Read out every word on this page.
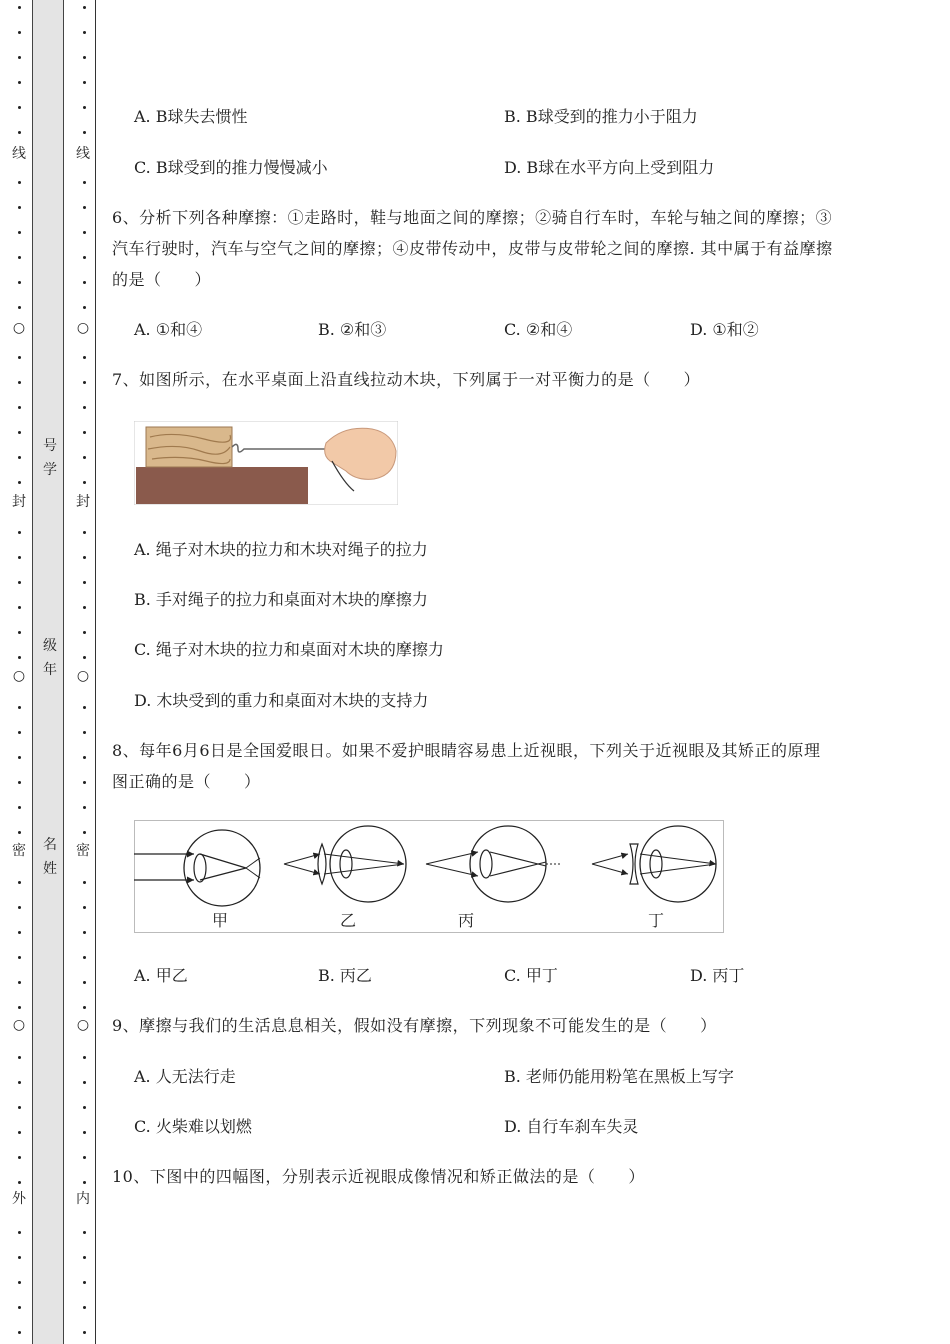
线
○
封
○
密
○
外
线
○
封
○
密
○
内
号
学
级
年
名
姓
A. B球失去惯性	B. B球受到的推力小于阻力
C. B球受到的推力慢慢减小	D. B球在水平方向上受到阻力
6、分析下列各种摩擦：①走路时，鞋与地面之间的摩擦；②骑自行车时，车轮与轴之间的摩擦；③
汽车行驶时，汽车与空气之间的摩擦；④皮带传动中，皮带与皮带轮之间的摩擦. 其中属于有益摩擦
的是（　　）
A. ①和④	B. ②和③	C. ②和④	D. ①和②
7、如图所示，在水平桌面上沿直线拉动木块，下列属于一对平衡力的是（　　）
A. 绳子对木块的拉力和木块对绳子的拉力
B. 手对绳子的拉力和桌面对木块的摩擦力
C. 绳子对木块的拉力和桌面对木块的摩擦力
D. 木块受到的重力和桌面对木块的支持力
8、每年6月6日是全国爱眼日。如果不爱护眼睛容易患上近视眼，下列关于近视眼及其矫正的原理
图正确的是（　　）
甲	乙	丙	丁
A. 甲乙	B. 丙乙	C. 甲丁	D. 丙丁
9、摩擦与我们的生活息息相关，假如没有摩擦，下列现象不可能发生的是（　　）
A. 人无法行走	B. 老师仍能用粉笔在黑板上写字
C. 火柴难以划燃	D. 自行车刹车失灵
10、下图中的四幅图，分别表示近视眼成像情况和矫正做法的是（　　）
